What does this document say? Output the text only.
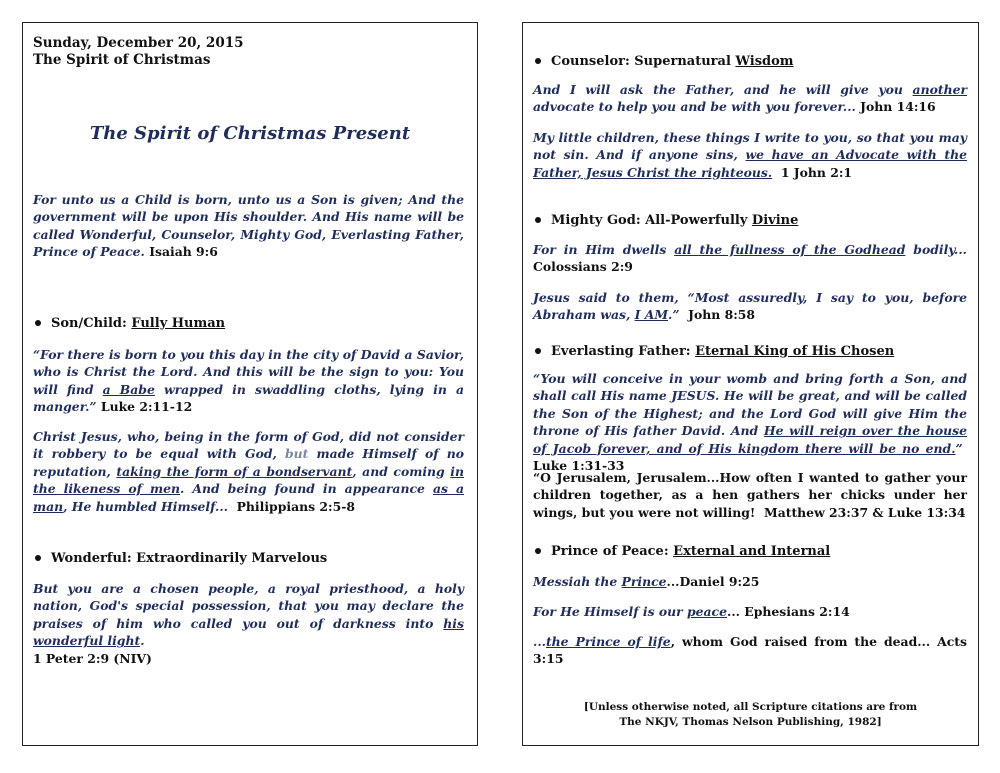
Sunday, December 20, 2015
The Spirit of Christmas
The Spirit of Christmas Present

For unto us a Child is born, unto us a Son is given; And the government will be upon His shoulder. And His name will be called Wonderful, Counselor, Mighty God, Everlasting Father, Prince of Peace. Isaiah 9:6

Son/Child: Fully Human

“For there is born to you this day in the city of David a Savior, who is Christ the Lord. And this will be the sign to you: You will find a Babe wrapped in swaddling cloths, lying in a manger.” Luke 2:11-12

Christ Jesus, who, being in the form of God, did not consider it robbery to be equal with God, but made Himself of no reputation, taking the form of a bondservant, and coming in the likeness of men. And being found in appearance as a man, He humbled Himself... Philippians 2:5-8

Wonderful: Extraordinarily Marvelous

But you are a chosen people, a royal priesthood, a holy nation, God's special possession, that you may declare the praises of him who called you out of darkness into his wonderful light.
1 Peter 2:9 (NIV)

Counselor: Supernatural Wisdom

And I will ask the Father, and he will give you another advocate to help you and be with you forever... John 14:16

My little children, these things I write to you, so that you may not sin. And if anyone sins, we have an Advocate with the Father, Jesus Christ the righteous. 1 John 2:1

Mighty God: All-Powerfully Divine

For in Him dwells all the fullness of the Godhead bodily... Colossians 2:9

Jesus said to them, “Most assuredly, I say to you, before Abraham was, I AM.” John 8:58

Everlasting Father: Eternal King of His Chosen

“You will conceive in your womb and bring forth a Son, and shall call His name JESUS. He will be great, and will be called the Son of the Highest; and the Lord God will give Him the throne of His father David. And He will reign over the house of Jacob forever, and of His kingdom there will be no end.”  Luke 1:31-33

“O Jerusalem, Jerusalem...How often I wanted to gather your children together, as a hen gathers her chicks under her wings, but you were not willing! Matthew 23:37 & Luke 13:34

Prince of Peace: External and Internal

Messiah the Prince...Daniel 9:25

For He Himself is our peace... Ephesians 2:14

...the Prince of life, whom God raised from the dead... Acts 3:15

[Unless otherwise noted, all Scripture citations are from
The NKJV, Thomas Nelson Publishing, 1982]
